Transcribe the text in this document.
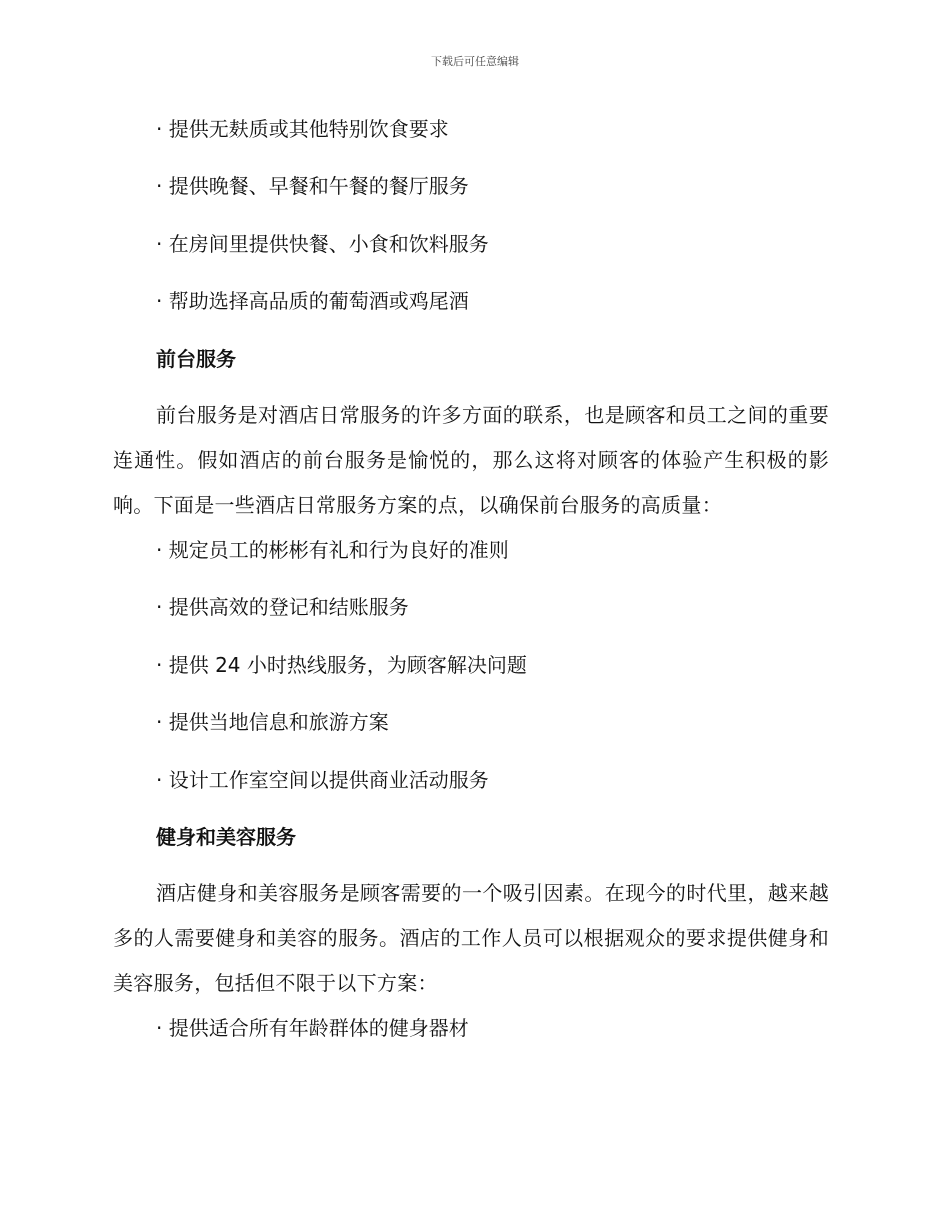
下载后可任意编辑

· 提供无麸质或其他特别饮食要求

· 提供晚餐、早餐和午餐的餐厅服务

· 在房间里提供快餐、小食和饮料服务

· 帮助选择高品质的葡萄酒或鸡尾酒

前台服务

前台服务是对酒店日常服务的许多方面的联系，也是顾客和员工之间的重要连通性。假如酒店的前台服务是愉悦的，那么这将对顾客的体验产生积极的影响。下面是一些酒店日常服务方案的点，以确保前台服务的高质量：

· 规定员工的彬彬有礼和行为良好的准则

· 提供高效的登记和结账服务

· 提供 24 小时热线服务，为顾客解决问题

· 提供当地信息和旅游方案

· 设计工作室空间以提供商业活动服务

健身和美容服务

酒店健身和美容服务是顾客需要的一个吸引因素。在现今的时代里，越来越多的人需要健身和美容的服务。酒店的工作人员可以根据观众的要求提供健身和美容服务，包括但不限于以下方案：

· 提供适合所有年龄群体的健身器材
